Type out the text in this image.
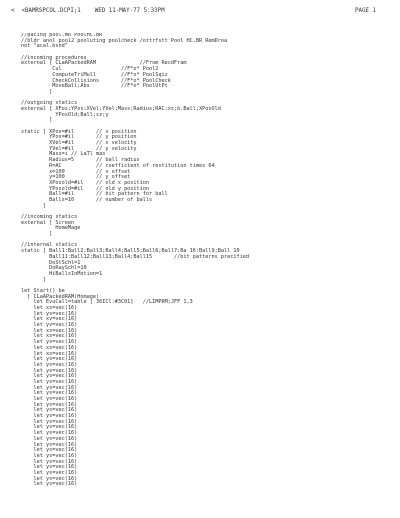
<  <BAMRSPCOL.DCPI;1    WED 11-MAY-77 5:33PM	PAGE 1
//pacinq pool.mb PoolHC.BR
//bldr anol pool2 pooluting poolcheck /ottrfstt Pool HC.BR RemDroa
not "acal.bsnd"
//incoming procedures
external [ CLaAPackedRAM              //From RecdFram
Cul                   //F*o* Pool2
ComputeTriMull        //F*o* PoolSqiz
CheckCollisions       //F*o* PoolCheck
MoveBall;Abs          //F*o* PoolUtPt
]
//outgoing statics
external [ XFos;YPos;XVel;YVel;Mass;Radius;RAC;xs;b.Ball;XPosOld
YPosOld;Ball;sz;y
]
static [ XPos=#il       // x position
YPos=#il       // y position
XVel=#il       // x velocity
YVel=#il       // y velocity
Mass=i // LaTl mas
Radius=5       // ball radius
R=AC           // coefficient of restitution times 64
x=100          // x offset
y=100          // y offset
XPosold=#il    // old x position
YPosold=#il    // old y position
Ball=#il       // bit pattern for ball
Balls=10       // number of balls
]
//incoming statics
external [ Screen
HomeMage
]
//internal statics
static [ Ball1:Ball2;Ball3;Ball4;Ball5;Ball6;Ball7;Ba 16:Ball9;Ball 10
Ball11:Ball12;Ball13;Ball4;Ball15       //bit patterns precified
DoStSchl=1
DoRaySchl=10
HiBallsInMotion=1
]
let Start() be
[ CLaAPackedRAM(Homage)
let EvuCall=table [ 36ICl:#3C01]   //LIMPRM;JFF 1,3
let xs=vec(16)
let ys=vec(16)
let xv=vec(16)
let yv=vec(16)
let xs=vec(16)
let xs=vec(16)
let ys=vec(16)
let xs=vec(16)
let xs=vec(16)
let ys=vec(16)
let ys=vec(16)
let ys=vec(16)
let ys=vec(16)
let ys=vec(16)
let ys=vec(16)
let ys=vec(16)
let ys=vec(16)
let ys=vec(16)
let ys=vec(16)
let ys=vec(16)
let ys=vec(16)
let ys=vec(16)
let ys=vec(16)
let ys=vec(16)
let ys=vec(16)
let ys=vec(16)
let ys=vec(16)
let ys=vec(16)
let ys=vec(16)
let ys=vec(16)
let ys=vec(16)
let ys=vec(16)
